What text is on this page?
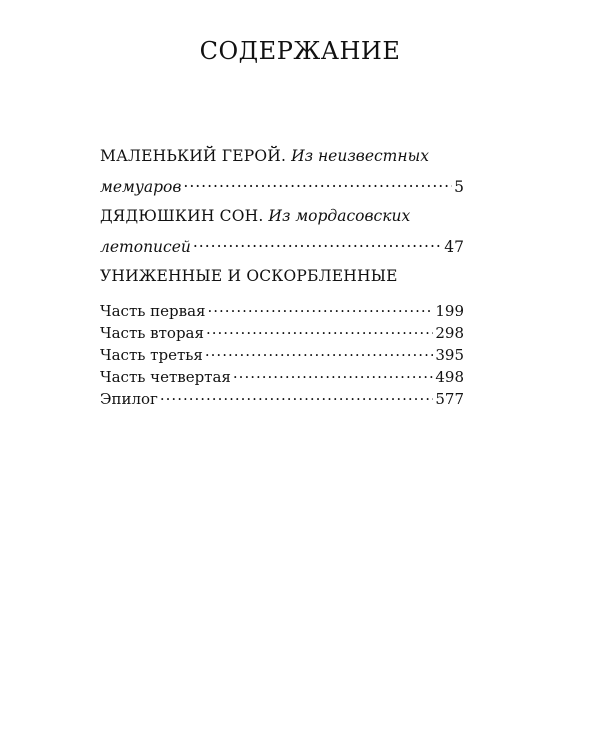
СОДЕРЖАНИЕ
МАЛЕНЬКИЙ ГЕРОЙ. Из неизвестных
мемуаров .....	5
ДЯДЮШКИН СОН. Из мордасовских
летописей .....	47
УНИЖЕННЫЕ И ОСКОРБЛЕННЫЕ
Часть первая .....	199
Часть вторая .....	298
Часть третья .....	395
Часть четвертая .....	498
Эпилог .....	577
